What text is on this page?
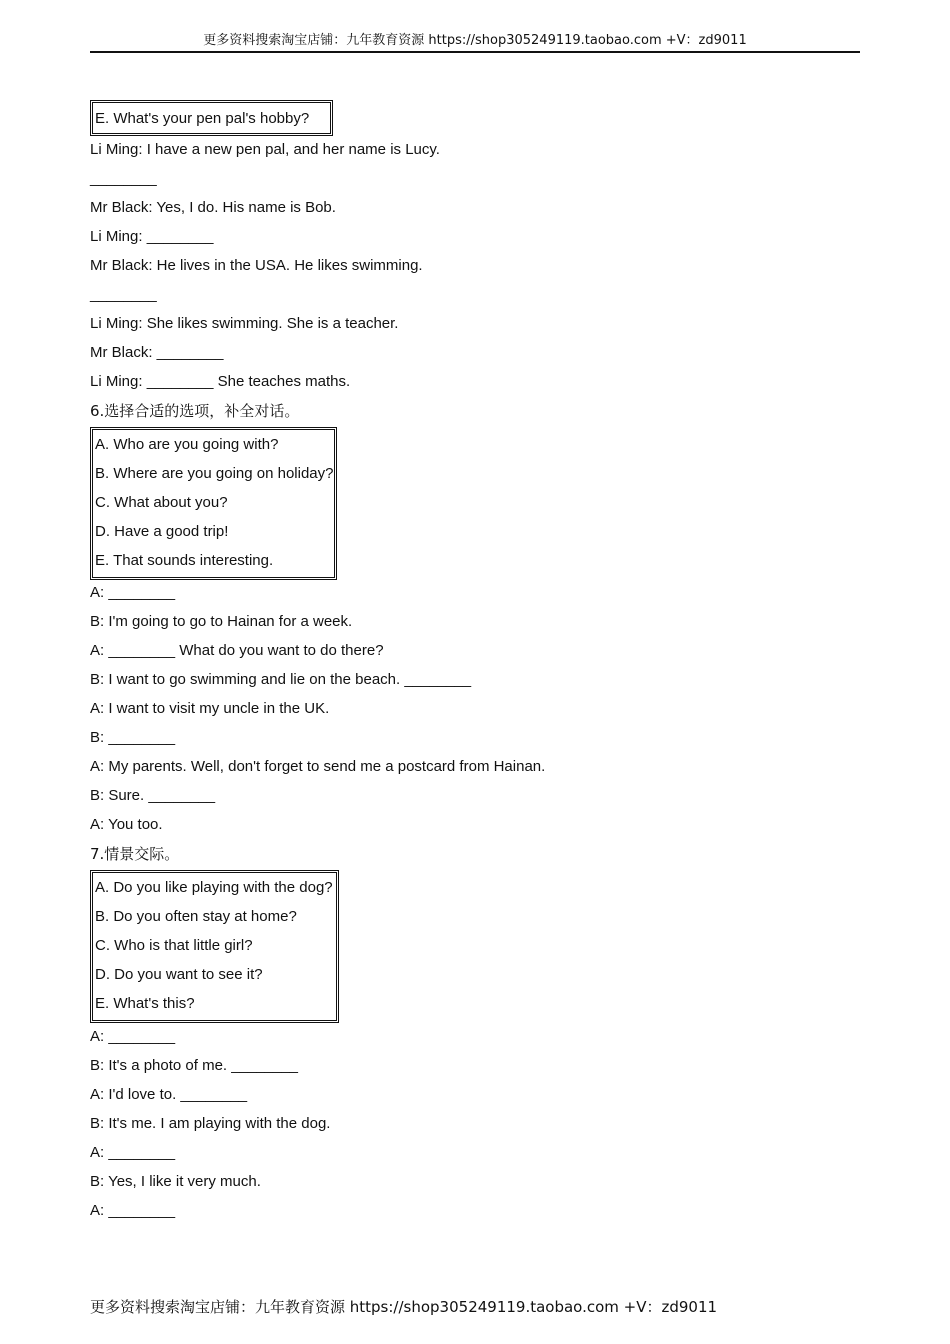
更多资料搜索淘宝店铺：九年教育资源 https://shop305249119.taobao.com +V：zd9011
E. What's your pen pal's hobby?
Li Ming: I have a new pen pal, and her name is Lucy.
________
Mr Black: Yes, I do. His name is Bob.
Li Ming: ________
Mr Black: He lives in the USA. He likes swimming.
________
Li Ming: She likes swimming. She is a teacher.
Mr Black: ________
Li Ming: ________ She teaches maths.
6.选择合适的选项，补全对话。
A. Who are you going with?
B. Where are you going on holiday?
C. What about you?
D. Have a good trip!
E. That sounds interesting.
A: ________
B: I'm going to go to Hainan for a week.
A: ________ What do you want to do there?
B: I want to go swimming and lie on the beach. ________
A: I want to visit my uncle in the UK.
B: ________
A: My parents. Well, don't forget to send me a postcard from Hainan.
B: Sure. ________
A: You too.
7.情景交际。
A. Do you like playing with the dog?
B. Do you often stay at home?
C. Who is that little girl?
D. Do you want to see it?
E. What's this?
A: ________
B: It's a photo of me. ________
A: I'd love to. ________
B: It's me. I am playing with the dog.
A: ________
B: Yes, I like it very much.
A: ________
更多资料搜索淘宝店铺：九年教育资源 https://shop305249119.taobao.com +V：zd9011
